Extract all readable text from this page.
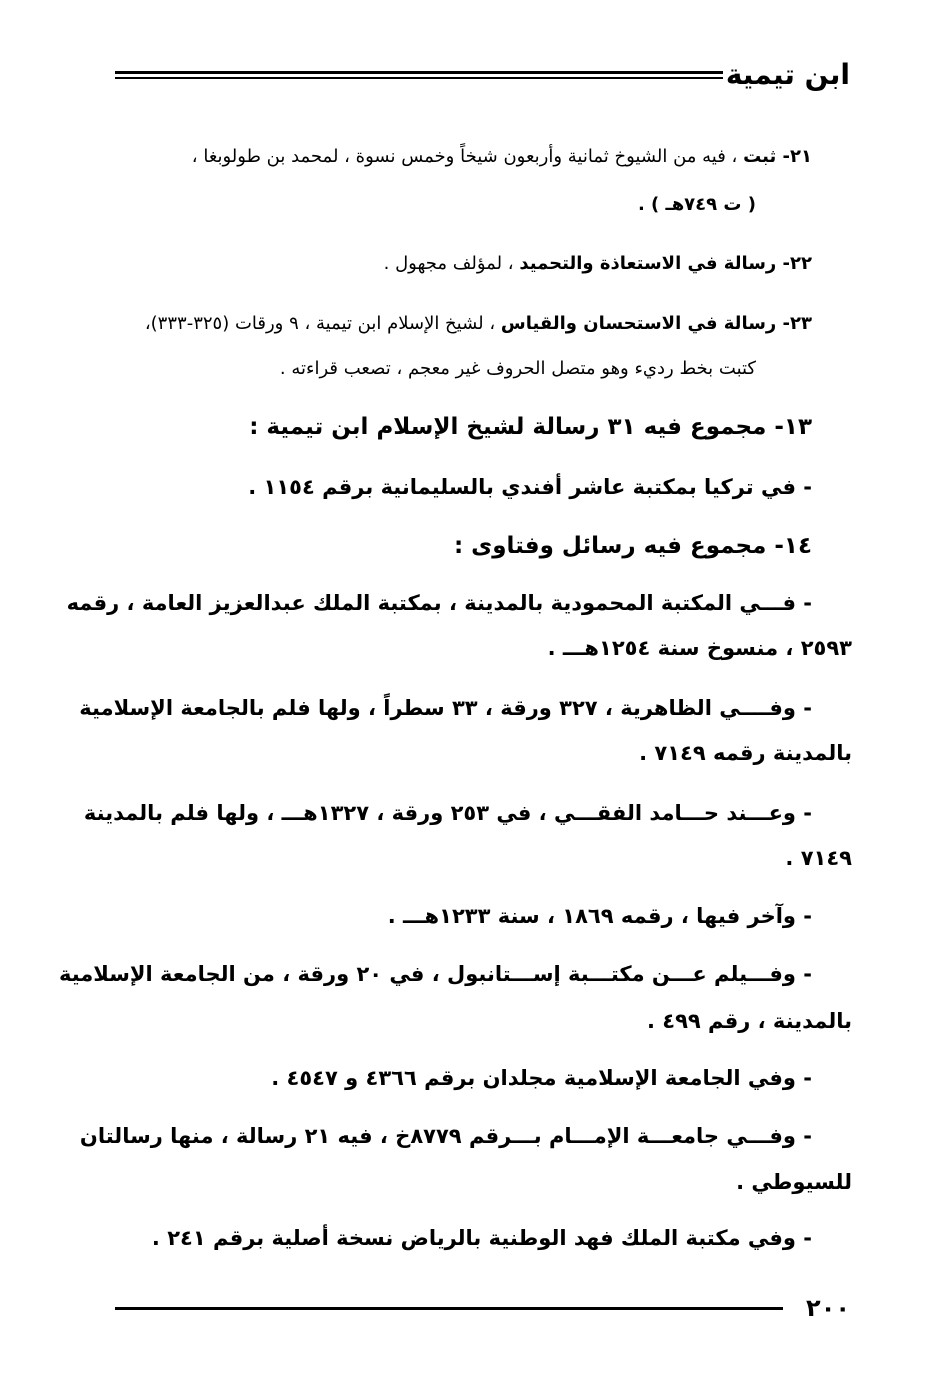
ابن تيمية
٢١- ثبت ، فيه من الشيوخ ثمانية وأربعون شيخاً وخمس نسوة ، لمحمد بن طولوبغا ،
( ت ٧٤٩هـ ) .
٢٢- رسالة في الاستعاذة والتحميد ، لمؤلف مجهول .
٢٣- رسالة في الاستحسان والقياس ، لشيخ الإسلام ابن تيمية ، ٩ ورقات (٣٢٥-٣٣٣)،
كتبت بخط رديء وهو متصل الحروف غير معجم ، تصعب قراءته .
١٣- مجموع فيه ٣١ رسالة لشيخ الإسلام ابن تيمية :
- في تركيا بمكتبة عاشر أفندي بالسليمانية برقم ١١٥٤ .
١٤- مجموع فيه رسائل وفتاوى :
- فـــي المكتبة المحمودية بالمدينة ، بمكتبة الملك عبدالعزيز العامة ، رقمه
٢٥٩٣ ، منسوخ سنة ١٢٥٤هـــ .
- وفــــي الظاهرية ، ٣٢٧ ورقة ، ٣٣ سطراً ، ولها فلم بالجامعة الإسلامية
بالمدينة رقمه ٧١٤٩ .
- وعـــند حـــامد الفقـــي ، في ٢٥٣ ورقة ، ١٣٢٧هـــ ، ولها فلم بالمدينة
٧١٤٩ .
- وآخر فيها ، رقمه ١٨٦٩ ، سنة ١٢٣٣هـــ .
- وفـــيلم عـــن مكتـــبة إســـتانبول ، في ٢٠ ورقة ، من الجامعة الإسلامية
بالمدينة ، رقم ٤٩٩ .
- وفي الجامعة الإسلامية مجلدان برقم ٤٣٦٦ و ٤٥٤٧ .
- وفـــي جامعـــة الإمـــام بـــرقم ٨٧٧٩خ ، فيه ٢١ رسالة ، منها رسالتان
للسيوطي .
- وفي مكتبة الملك فهد الوطنية بالرياض نسخة أصلية برقم ٢٤١ .
٢٠٠
